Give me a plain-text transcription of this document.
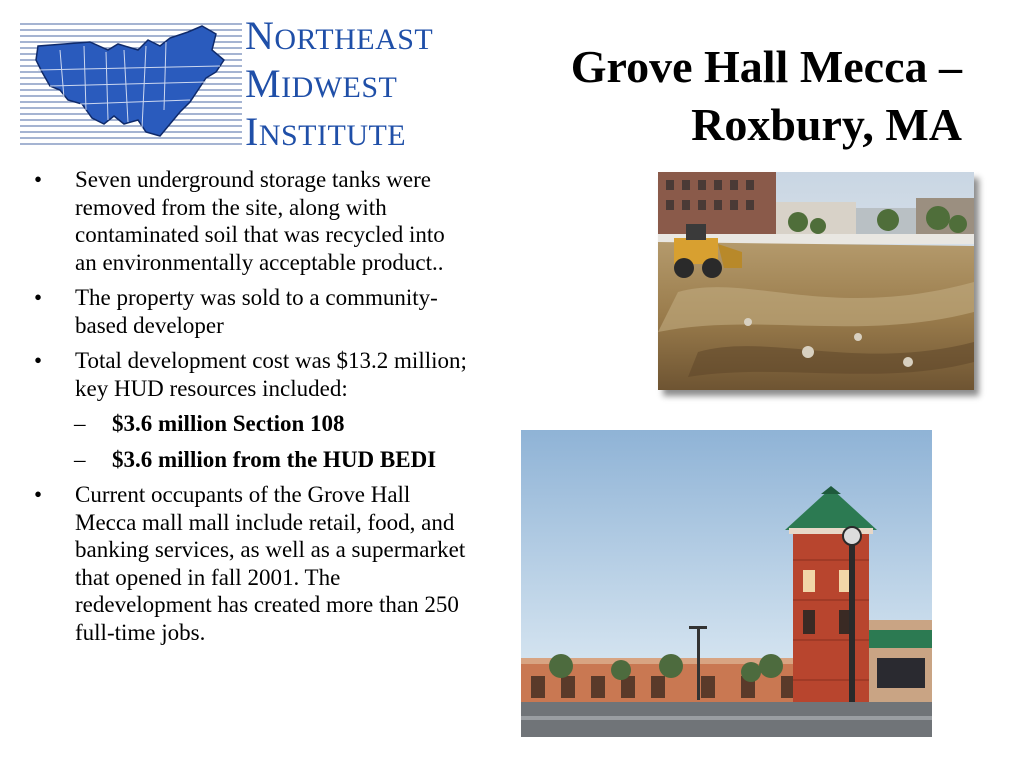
NORTHEAST
MIDWEST
INSTITUTE
Grove Hall Mecca –
Roxbury, MA
• Seven underground storage tanks were removed from the site, along with contaminated soil that was recycled into an environmentally acceptable product..
• The property was sold to a community-based developer
• Total development cost was $13.2 million; key HUD resources included:
– $3.6 million Section 108
– $3.6 million from the HUD BEDI
• Current occupants of the Grove Hall Mecca mall mall include retail, food, and banking services, as well as a supermarket that opened in fall 2001. The redevelopment has created more than 250 full-time jobs.
